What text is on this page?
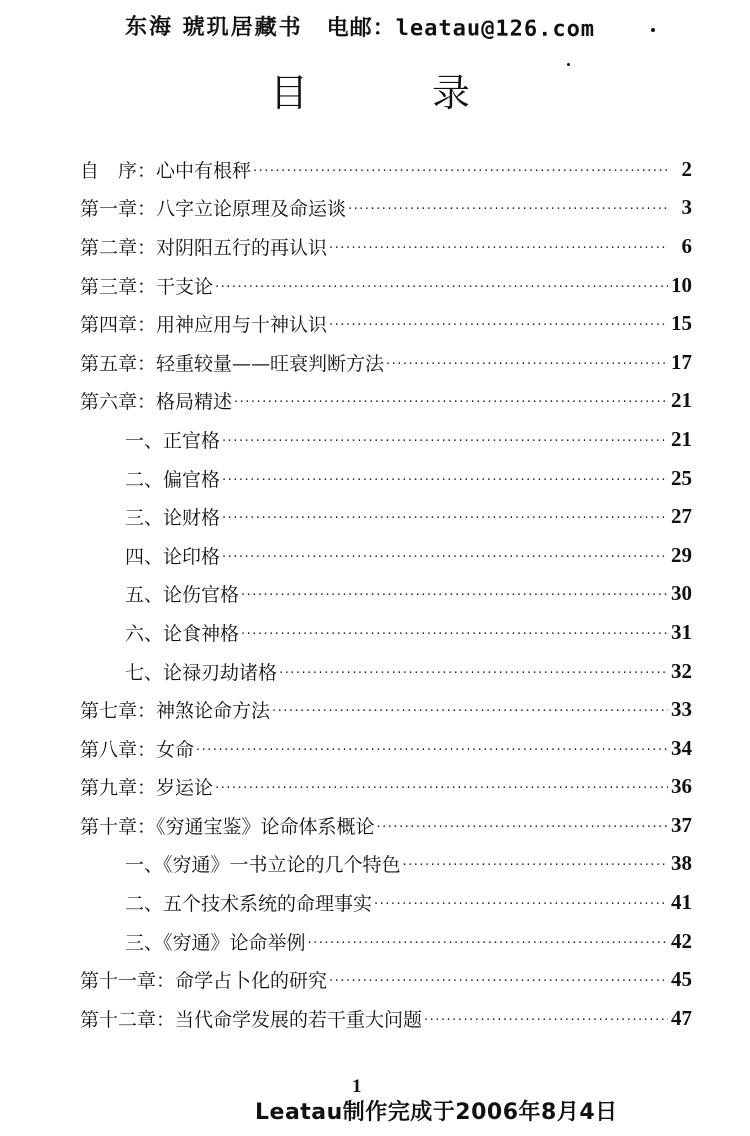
东海 琥玑居藏书 电邮：leatau@126.com
目	录
自　序：心中有根秤 ·····	2
第一章：八字立论原理及命运谈 ·····	3
第二章：对阴阳五行的再认识 ·····	6
第三章：干支论 ·····	10
第四章：用神应用与十神认识 ·····	15
第五章：轻重较量——旺衰判断方法 ·····	17
第六章：格局精述 ·····	21
一、正官格 ·····	21
二、偏官格 ·····	25
三、论财格 ·····	27
四、论印格 ·····	29
五、论伤官格 ·····	30
六、论食神格 ·····	31
七、论禄刃劫诸格 ·····	32
第七章：神煞论命方法 ·····	33
第八章：女命 ·····	34
第九章：岁运论 ·····	36
第十章：《穷通宝鉴》论命体系概论 ·····	37
一、《穷通》一书立论的几个特色 ·····	38
二、五个技术系统的命理事实 ·····	41
三、《穷通》论命举例 ·····	42
第十一章：命学占卜化的研究 ·····	45
第十二章：当代命学发展的若干重大问题 ·····	47
1
Leatau制作完成于2006年8月4日
